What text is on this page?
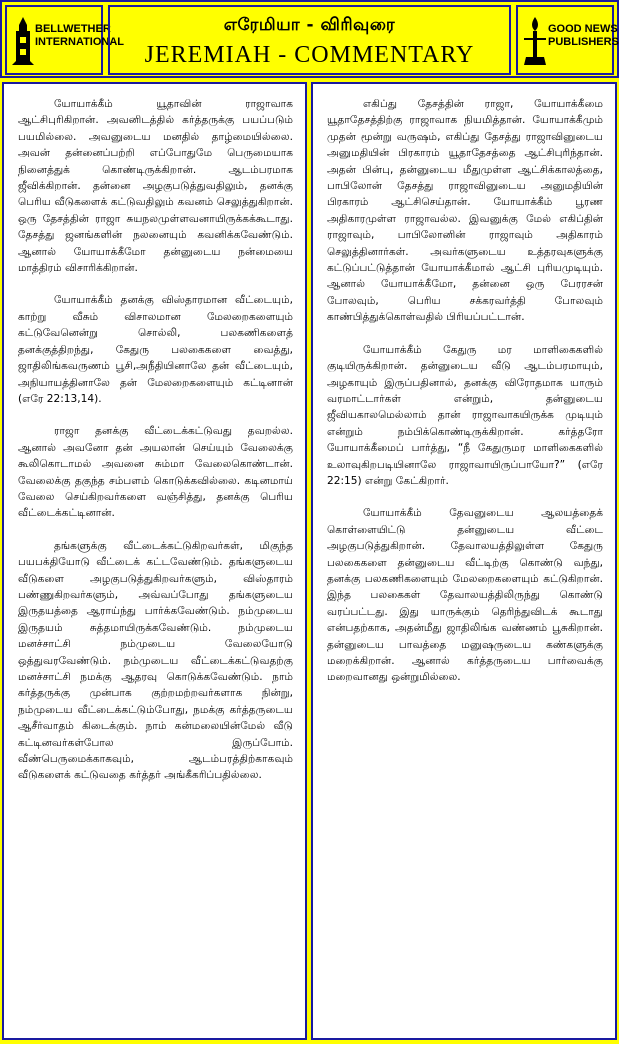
BELLWETHER
INTERNATIONAL
எரேமியா - விரிவுரை
JEREMIAH - COMMENTARY
GOOD NEWS
PUBLISHERS

யோயாக்கீம் யூதாவின் ராஜாவாக ஆட்சிபுரிகிறான். அவனிடத்தில் கர்த்தருக்கு பயப்படும் பயமில்லை. அவனுடைய மனதில் தாழ்மையில்லை. அவன் தன்னைப்பற்றி எப்போதுமே பெருமையாக நினைத்துக் கொண்டிருக்கிறான். ஆடம்பரமாக ஜீவிக்கிறான். தன்னை அழகுபடுத்துவதிலும், தனக்கு பெரிய வீடுகளைக் கட்டுவதிலும் கவனம் செலுத்துகிறான். ஒரு தேசத்தின் ராஜா சுயநலமுள்ளவனாயிருக்கக்கூடாது. தேசத்து ஜனங்களின் நலனையும் கவனிக்கவேண்டும். ஆனால் யோயாக்கீமோ தன்னுடைய நன்மையை மாத்திரம் விசாரிக்கிறான்.

யோயாக்கீம் தனக்கு விஸ்தாரமான வீட்டையும், காற்று வீசும் விசாலமான மேலறைகளையும் கட்டுவேனென்று சொல்லி, பலகணிகளைத் தனக்குத்திறந்து, கேதுரு பலகைகளை வைத்து, ஜாதிலிங்கவருணம் பூசி,அநீதியினாலே தன் வீட்டையும், அநியாயத்தினாலே தன் மேலறைகளையும் கட்டினான் (எரே 22:13,14).

ராஜா தனக்கு வீட்டைக்கட்டுவது தவறல்ல. ஆனால் அவனோ தன் அயலான் செய்யும் வேலைக்கு கூலிகொடாமல் அவனை சும்மா வேலைகொண்டான். வேலைக்கு தகுந்த சம்பளம் கொடுக்கவில்லை. கடினமாய் வேலை செய்கிறவர்களை வஞ்சித்து, தனக்கு பெரிய வீட்டைக்கட்டினான்.

தங்களுக்கு வீட்டைக்கட்டுகிறவர்கள், மிகுந்த பயபக்தியோடு வீட்டைக் கட்டவேண்டும். தங்களுடைய வீடுகளை அழகுபடுத்துகிறவர்களும், விஸ்தாரம் பண்ணுகிறவர்களும், அவ்வப்போது தங்களுடைய இருதயத்தை ஆராய்ந்து பார்க்கவேண்டும். நம்முடைய இருதயம் சுத்தமாயிருக்கவேண்டும். நம்முடைய மனச்சாட்சி நம்முடைய வேலையோடு ஒத்துவரவேண்டும். நம்முடைய வீட்டைக்கட்டுவதற்கு மனச்சாட்சி நமக்கு ஆதரவு கொடுக்கவேண்டும். நாம் கர்த்தருக்கு முன்பாக குற்றமற்றவர்களாக நின்று, நம்முடைய வீட்டைக்கட்டும்போது, நமக்கு கர்த்தருடைய ஆசீர்வாதம் கிடைக்கும். நாம் கன்மலையின்மேல் வீடு கட்டினவர்கள்போல இருப்போம். வீண்பெருமைக்காகவும், ஆடம்பரத்திற்காகவும் வீடுகளைக் கட்டுவதை கர்த்தர் அங்கீகரிப்பதில்லை.

எகிப்து தேசத்தின் ராஜா, யோயாக்கீமை யூதாதேசத்திற்கு ராஜாவாக நியமித்தான். யோயாக்கீமும் முதன் மூன்று வருஷம், எகிப்து தேசத்து ராஜாவினுடைய அனுமதியின் பிரகாரம் யூதாதேசத்தை ஆட்சிபுரிந்தான். அதன் பின்பு, தன்னுடைய மீதுமுள்ள ஆட்சிக்காலத்தை, பாபிலோன் தேசத்து ராஜாவினுடைய அனுமதியின் பிரகாரம் ஆட்சிசெய்தான். யோயாக்கீம் பூரண அதிகாரமுள்ள ராஜாவல்ல. இவனுக்கு மேல் எகிப்தின் ராஜாவும், பாபிலோனின் ராஜாவும் அதிகாரம் செலுத்தினார்கள். அவர்களுடைய உத்தரவுகளுக்கு கட்டுப்பட்டுத்தான் யோயாக்கீமால் ஆட்சி புரியமுடியும். ஆனால் யோயாக்கீமோ, தன்னை ஒரு பேரரசன் போலவும், பெரிய சக்கரவர்த்தி போலவும் காண்பித்துக்கொள்வதில் பிரியப்பட்டான்.

யோயாக்கீம் கேதுரு மர மாளிகைகளில் குடியிருக்கிறான். தன்னுடைய வீடு ஆடம்பரமாயும், அழகாயும் இருப்பதினால், தனக்கு விரோதமாக யாரும் வரமாட்டார்கள் என்றும், தன்னுடைய ஜீவியகாலமெல்லாம் தான் ராஜாவாகயிருக்க முடியும் என்றும் நம்பிக்கொண்டிருக்கிறான். கர்த்தரோ யோயாக்கீமைப் பார்த்து, “நீ கேதுருமர மாளிகைகளில் உலாவுகிறபடியினாலே ராஜாவாயிருப்பாயோ?” (எரே 22:15) என்று கேட்கிறார்.

யோயாக்கீம் தேவனுடைய ஆலயத்தைக் கொள்ளையிட்டு தன்னுடைய வீட்டை அழகுபடுத்துகிறான். தேவாலயத்திலுள்ள கேதுரு பலகைகளை தன்னுடைய வீட்டிற்கு கொண்டு வந்து, தனக்கு பலகணிகளையும் மேலறைகளையும் கட்டுகிறான். இந்த பலகைகள் தேவாலயத்திலிருந்து கொண்டு வரப்பட்டது. இது யாருக்கும் தெரிந்துவிடக் கூடாது என்பதற்காக, அதன்மீது ஜாதிலிங்க வண்ணம் பூசுகிறான். தன்னுடைய பாவத்தை மனுஷருடைய கண்களுக்கு மறைக்கிறான். ஆனால் கர்த்தருடைய பார்வைக்கு மறைவானது ஒன்றுமில்லை.
